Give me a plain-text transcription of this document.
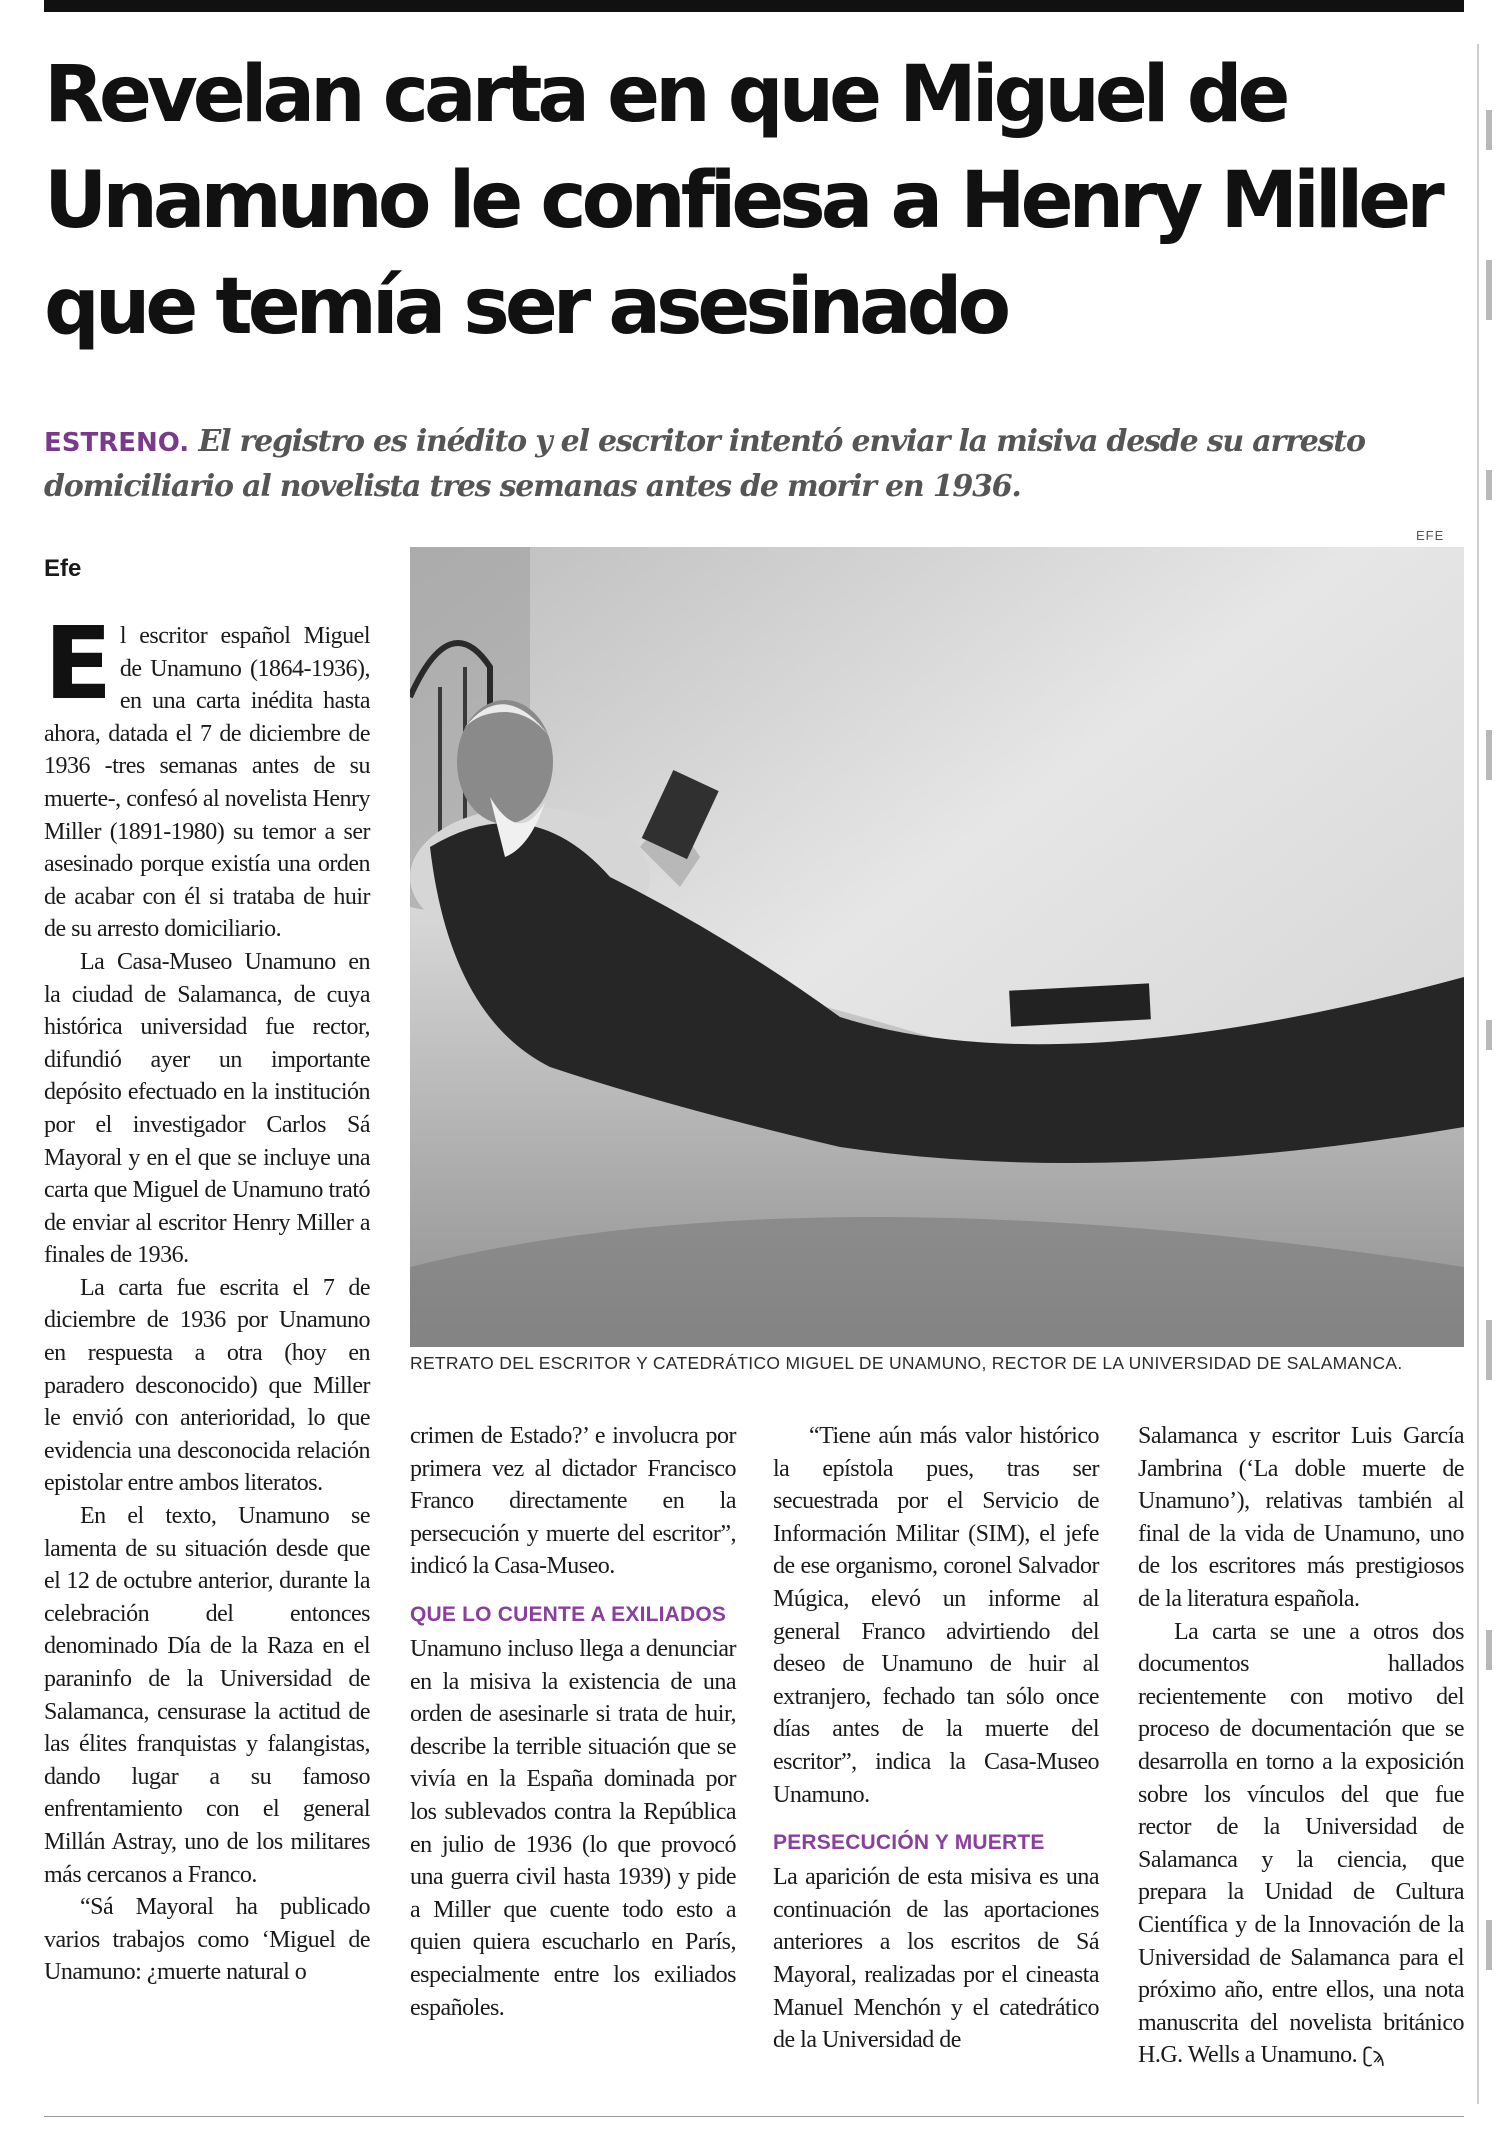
Revelan carta en que Miguel de Unamuno le confiesa a Henry Miller que temía ser asesinado

ESTRENO. El registro es inédito y el escritor intentó enviar la misiva desde su arresto domiciliario al novelista tres semanas antes de morir en 1936.

Efe

EFE

RETRATO DEL ESCRITOR Y CATEDRÁTICO MIGUEL DE UNAMUNO, RECTOR DE LA UNIVERSIDAD DE SALAMANCA.

El escritor español Miguel de Unamuno (1864-1936), en una carta inédita hasta ahora, datada el 7 de diciembre de 1936 -tres semanas antes de su muerte-, confesó al novelista Henry Miller (1891-1980) su temor a ser asesinado porque existía una orden de acabar con él si trataba de huir de su arresto domiciliario.

La Casa-Museo Unamuno en la ciudad de Salamanca, de cuya histórica universidad fue rector, difundió ayer un importante depósito efectuado en la institución por el investigador Carlos Sá Mayoral y en el que se incluye una carta que Miguel de Unamuno trató de enviar al escritor Henry Miller a finales de 1936.

La carta fue escrita el 7 de diciembre de 1936 por Unamuno en respuesta a otra (hoy en paradero desconocido) que Miller le envió con anterioridad, lo que evidencia una desconocida relación epistolar entre ambos literatos.

En el texto, Unamuno se lamenta de su situación desde que el 12 de octubre anterior, durante la celebración del entonces denominado Día de la Raza en el paraninfo de la Universidad de Salamanca, censurase la actitud de las élites franquistas y falangistas, dando lugar a su famoso enfrentamiento con el general Millán Astray, uno de los militares más cercanos a Franco.

“Sá Mayoral ha publicado varios trabajos como ‘Miguel de Unamuno: ¿muerte natural o

crimen de Estado?’ e involucra por primera vez al dictador Francisco Franco directamente en la persecución y muerte del escritor”, indicó la Casa-Museo.

QUE LO CUENTE A EXILIADOS

Unamuno incluso llega a denunciar en la misiva la existencia de una orden de asesinarle si trata de huir, describe la terrible situación que se vivía en la España dominada por los sublevados contra la República en julio de 1936 (lo que provocó una guerra civil hasta 1939) y pide a Miller que cuente todo esto a quien quiera escucharlo en París, especialmente entre los exiliados españoles.

“Tiene aún más valor histórico la epístola pues, tras ser secuestrada por el Servicio de Información Militar (SIM), el jefe de ese organismo, coronel Salvador Múgica, elevó un informe al general Franco advirtiendo del deseo de Unamuno de huir al extranjero, fechado tan sólo once días antes de la muerte del escritor”, indica la Casa-Museo Unamuno.

PERSECUCIÓN Y MUERTE

La aparición de esta misiva es una continuación de las aportaciones anteriores a los escritos de Sá Mayoral, realizadas por el cineasta Manuel Menchón y el catedrático de la Universidad de

Salamanca y escritor Luis García Jambrina (‘La doble muerte de Unamuno’), relativas también al final de la vida de Unamuno, uno de los escritores más prestigiosos de la literatura española.

La carta se une a otros dos documentos hallados recientemente con motivo del proceso de documentación que se desarrolla en torno a la exposición sobre los vínculos del que fue rector de la Universidad de Salamanca y la ciencia, que prepara la Unidad de Cultura Científica y de la Innovación de la Universidad de Salamanca para el próximo año, entre ellos, una nota manuscrita del novelista británico H.G. Wells a Unamuno. ʗϡ
